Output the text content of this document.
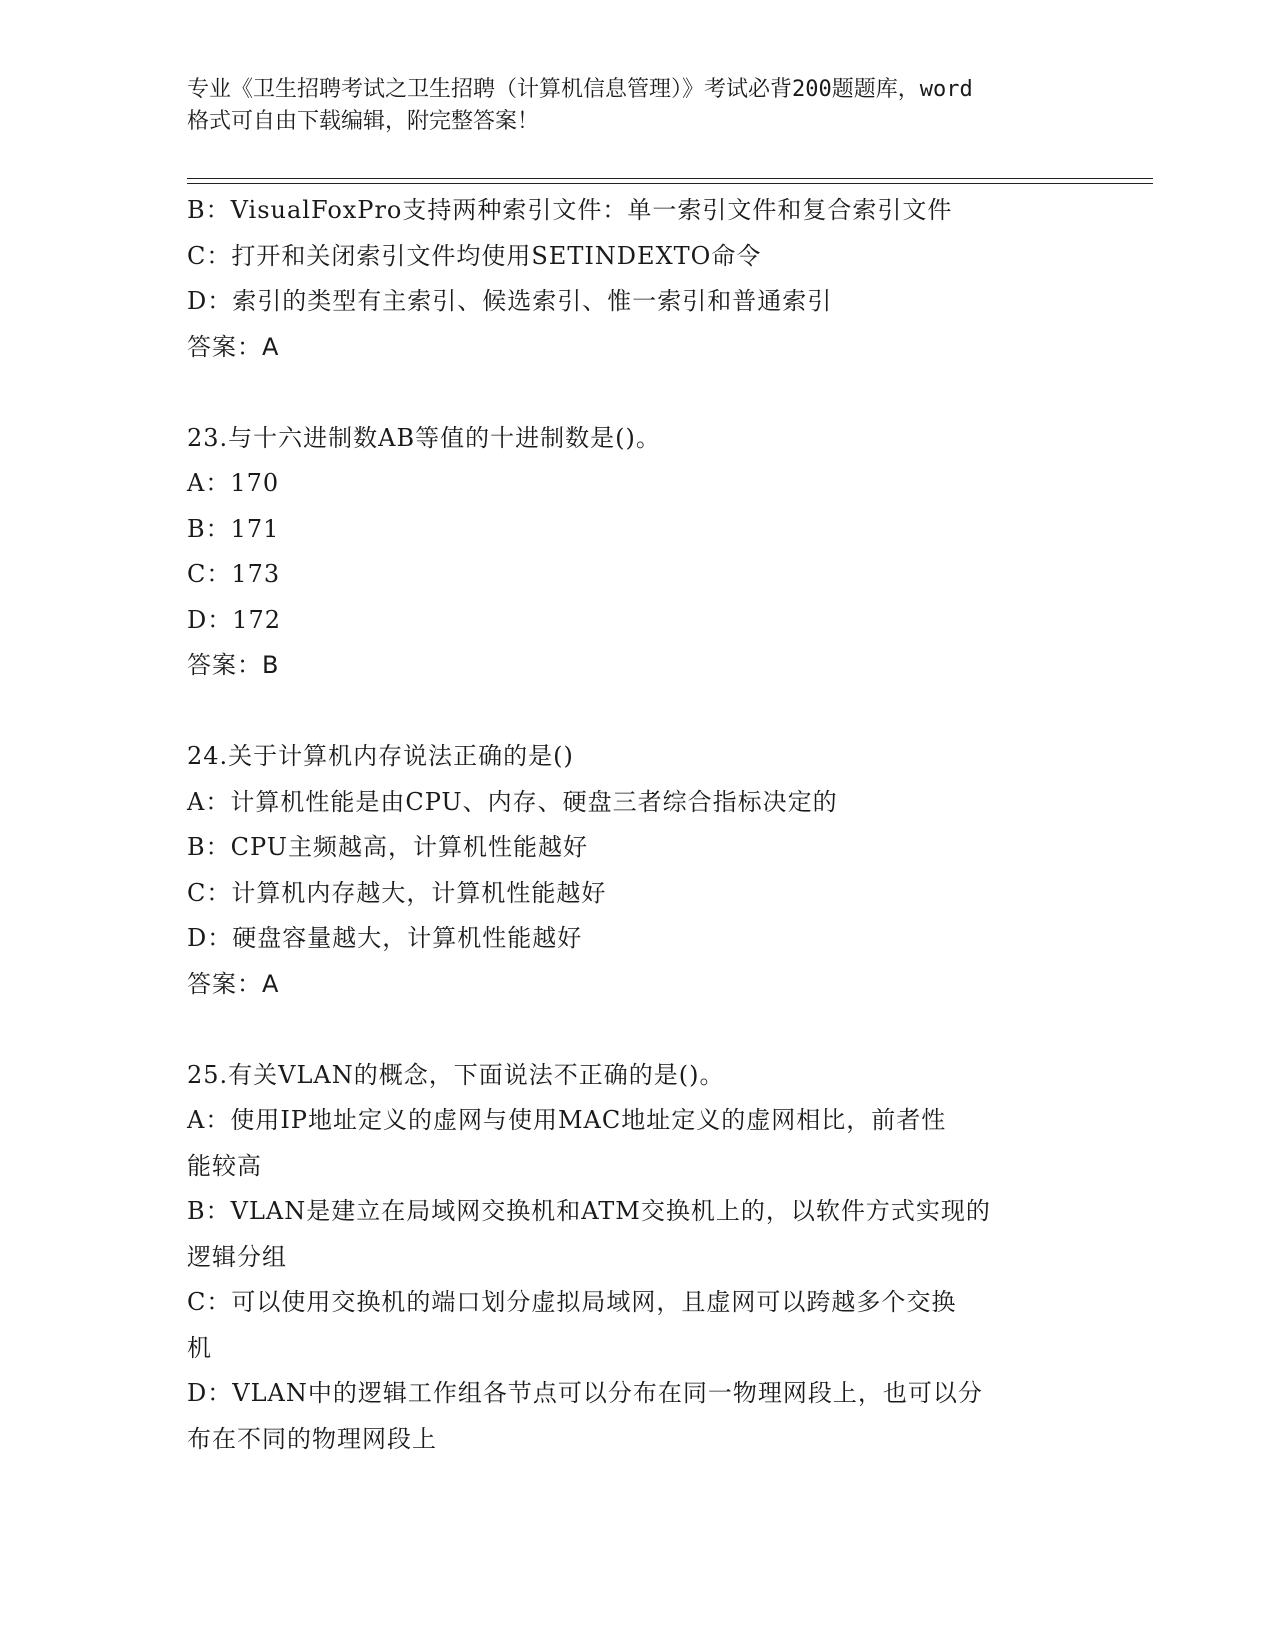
专业《卫生招聘考试之卫生招聘（计算机信息管理）》考试必背200题题库，word
格式可自由下载编辑，附完整答案！
B：VisualFoxPro支持两种索引文件：单一索引文件和复合索引文件
C：打开和关闭索引文件均使用SETINDEXTO命令
D：索引的类型有主索引、候选索引、惟一索引和普通索引
答案：A
23.与十六进制数AB等值的十进制数是()。
A：170
B：171
C：173
D：172
答案：B
24.关于计算机内存说法正确的是()
A：计算机性能是由CPU、内存、硬盘三者综合指标决定的
B：CPU主频越高，计算机性能越好
C：计算机内存越大，计算机性能越好
D：硬盘容量越大，计算机性能越好
答案：A
25.有关VLAN的概念，下面说法不正确的是()。
A：使用IP地址定义的虚网与使用MAC地址定义的虚网相比，前者性
能较高
B：VLAN是建立在局域网交换机和ATM交换机上的，以软件方式实现的
逻辑分组
C：可以使用交换机的端口划分虚拟局域网，且虚网可以跨越多个交换
机
D：VLAN中的逻辑工作组各节点可以分布在同一物理网段上，也可以分
布在不同的物理网段上
